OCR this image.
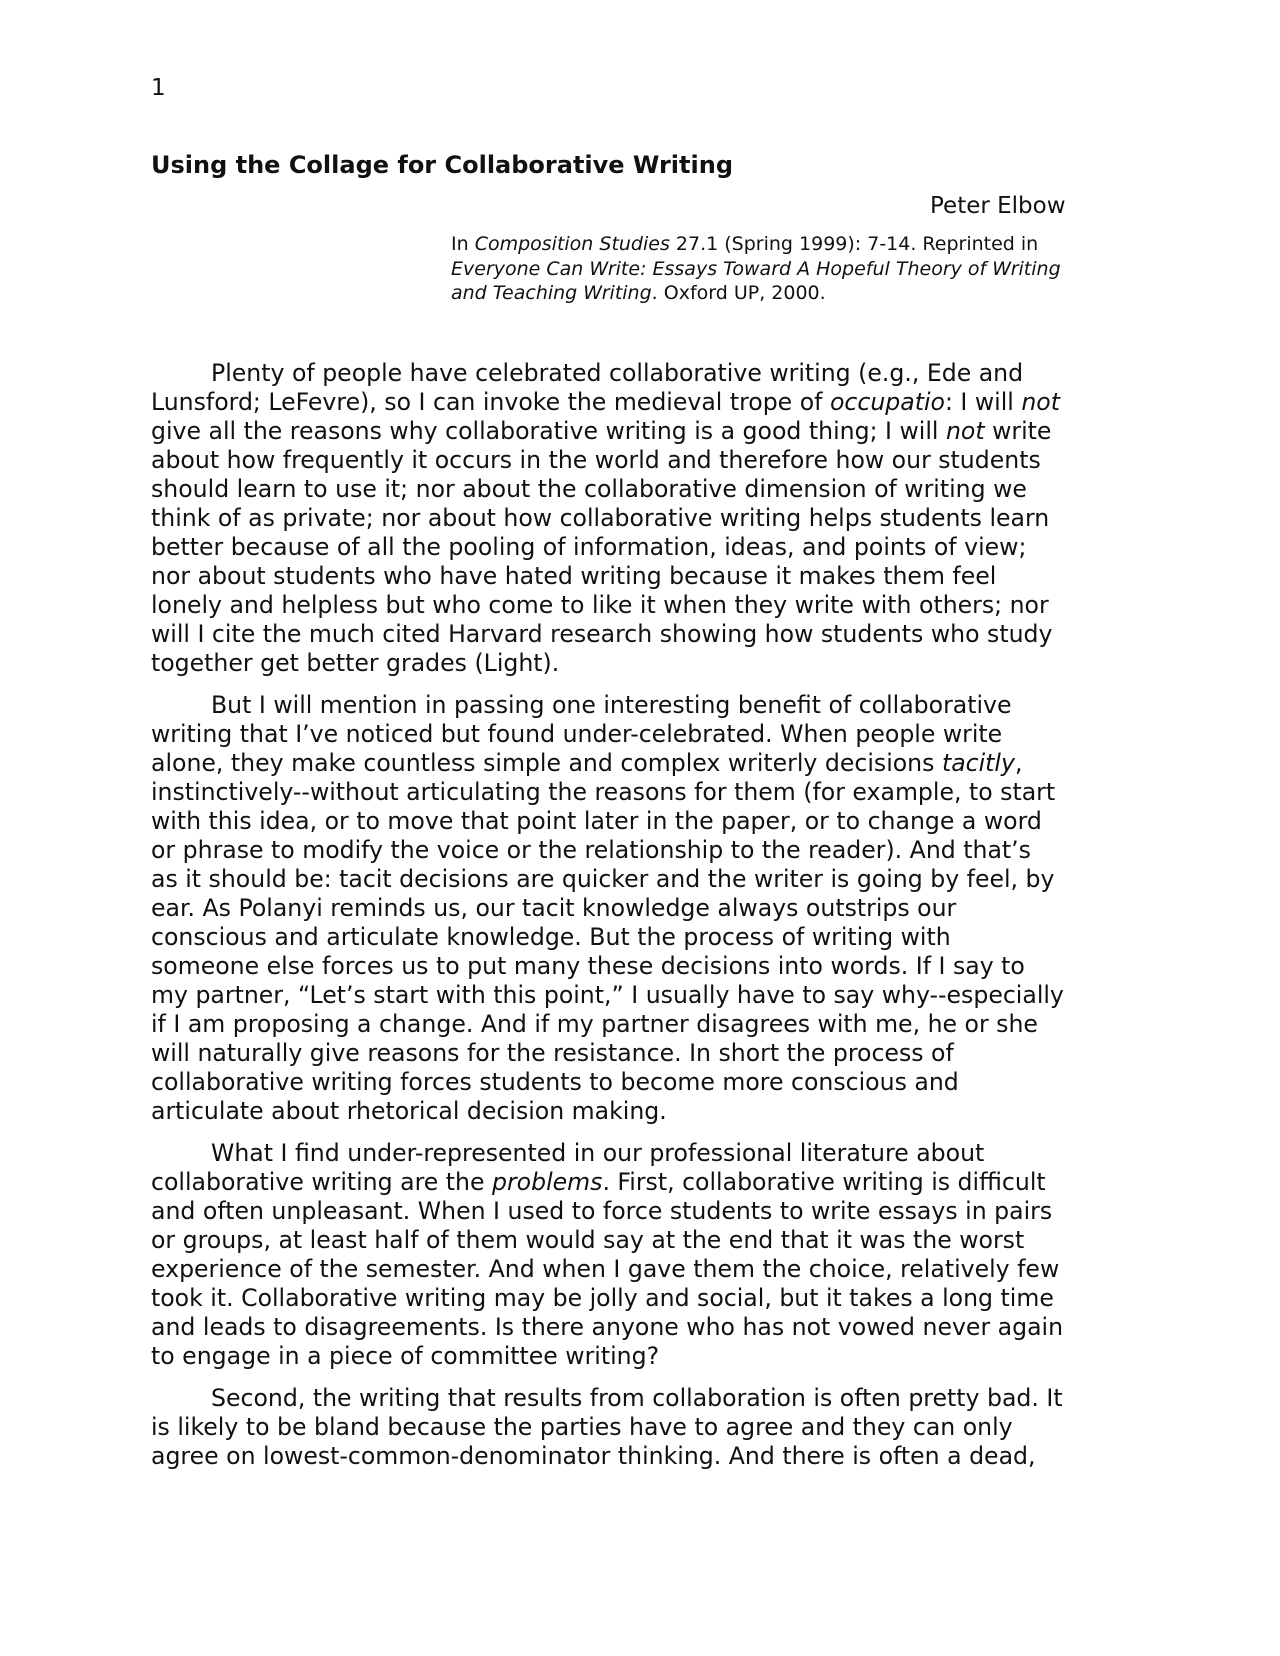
1
Using the Collage for Collaborative Writing
Peter Elbow
In Composition Studies 27.1 (Spring 1999): 7-14. Reprinted in
Everyone Can Write: Essays Toward A Hopeful Theory of Writing
and Teaching Writing. Oxford UP, 2000.

Plenty of people have celebrated collaborative writing (e.g., Ede and
Lunsford; LeFevre), so I can invoke the medieval trope of occupatio: I will not
give all the reasons why collaborative writing is a good thing; I will not write
about how frequently it occurs in the world and therefore how our students
should learn to use it; nor about the collaborative dimension of writing we
think of as private; nor about how collaborative writing helps students learn
better because of all the pooling of information, ideas, and points of view;
nor about students who have hated writing because it makes them feel
lonely and helpless but who come to like it when they write with others; nor
will I cite the much cited Harvard research showing how students who study
together get better grades (Light).

But I will mention in passing one interesting benefit of collaborative
writing that I’ve noticed but found under-celebrated. When people write
alone, they make countless simple and complex writerly decisions tacitly,
instinctively--without articulating the reasons for them (for example, to start
with this idea, or to move that point later in the paper, or to change a word
or phrase to modify the voice or the relationship to the reader). And that’s
as it should be: tacit decisions are quicker and the writer is going by feel, by
ear. As Polanyi reminds us, our tacit knowledge always outstrips our
conscious and articulate knowledge. But the process of writing with
someone else forces us to put many these decisions into words. If I say to
my partner, “Let’s start with this point,” I usually have to say why--especially
if I am proposing a change. And if my partner disagrees with me, he or she
will naturally give reasons for the resistance. In short the process of
collaborative writing forces students to become more conscious and
articulate about rhetorical decision making.

What I find under-represented in our professional literature about
collaborative writing are the problems. First, collaborative writing is difficult
and often unpleasant. When I used to force students to write essays in pairs
or groups, at least half of them would say at the end that it was the worst
experience of the semester. And when I gave them the choice, relatively few
took it. Collaborative writing may be jolly and social, but it takes a long time
and leads to disagreements. Is there anyone who has not vowed never again
to engage in a piece of committee writing?

Second, the writing that results from collaboration is often pretty bad. It
is likely to be bland because the parties have to agree and they can only
agree on lowest-common-denominator thinking. And there is often a dead,
